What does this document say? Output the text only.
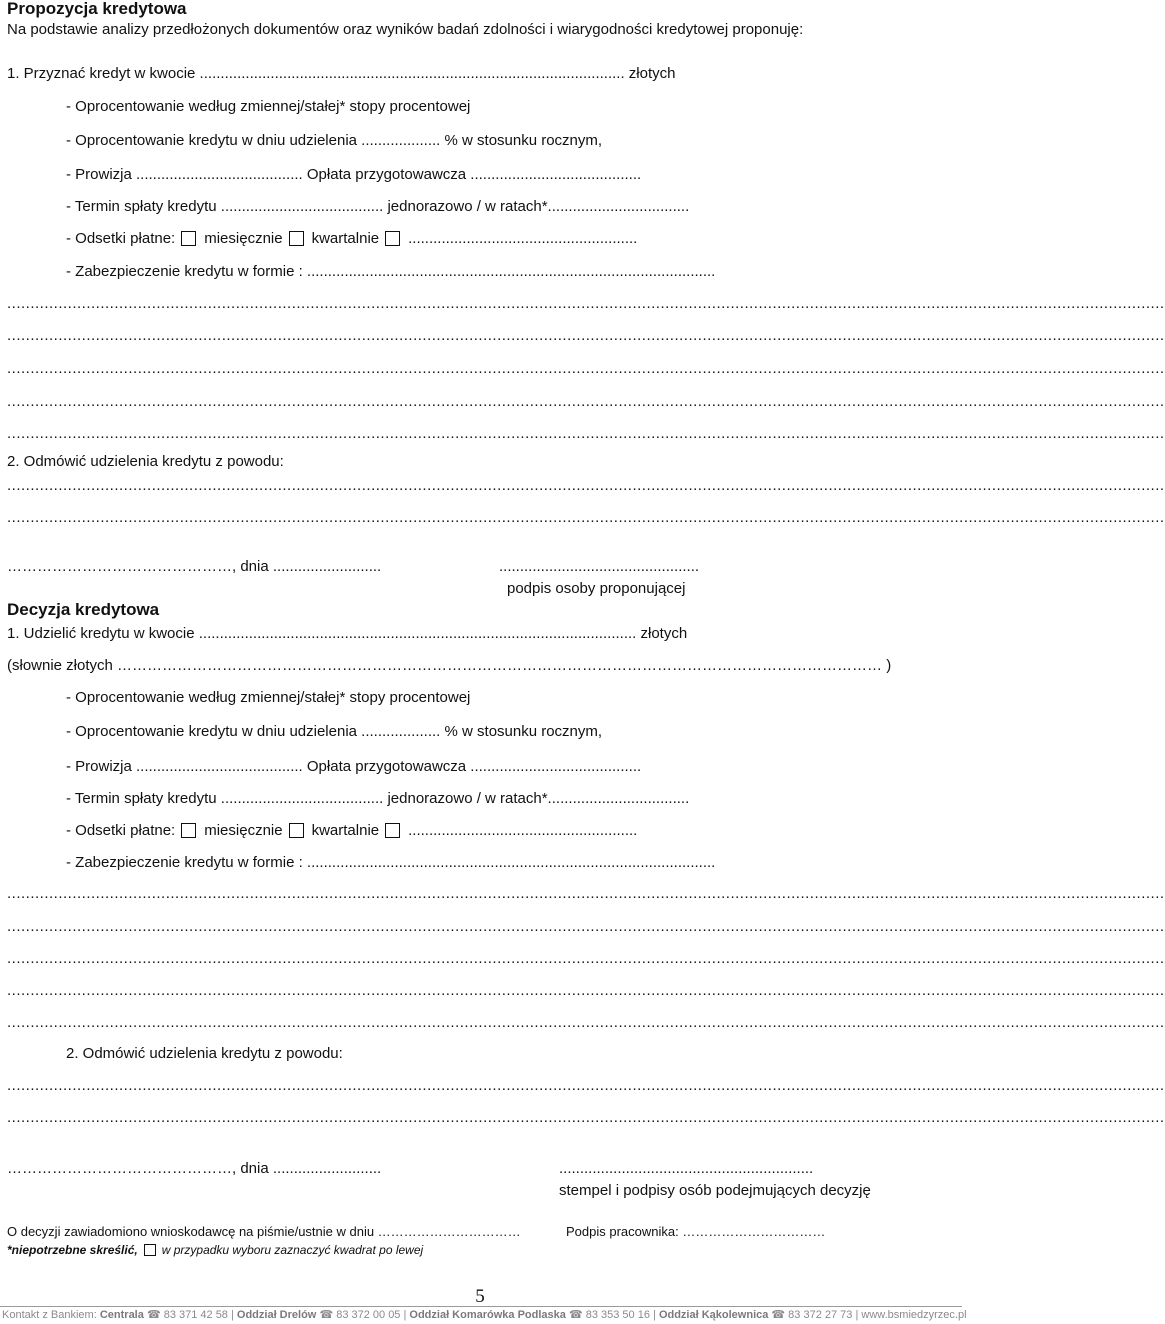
Propozycja kredytowa
Na podstawie analizy przedłożonych dokumentów oraz wyników badań zdolności i wiarygodności kredytowej proponuję:
1. Przyznać kredyt w kwocie ...................................................................................................... złotych
- Oprocentowanie według zmiennej/stałej* stopy procentowej
- Oprocentowanie kredytu w dniu udzielenia ................... % w stosunku rocznym,
- Prowizja ........................................ Opłata przygotowawcza .........................................
- Termin spłaty kredytu ....................................... jednorazowo / w ratach*..................................
- Odsetki płatne: miesięcznie kwartalnie .......................................................
- Zabezpieczenie kredytu w formie : ..................................................................................................
........................................................................................................................................................................................................................................................
........................................................................................................................................................................................................................................................
........................................................................................................................................................................................................................................................
........................................................................................................................................................................................................................................................
........................................................................................................................................................................................................................................................
2. Odmówić udzielenia kredytu z powodu:
........................................................................................................................................................................................................................................................
........................................................................................................................................................................................................................................................
………………………………………, dnia ..........................	................................................
podpis osoby proponującej
Decyzja kredytowa
1. Udzielić kredytu w kwocie ......................................................................................................... złotych
(słownie złotych ……………………………………………………………………………………………………………………………………… )
- Oprocentowanie według zmiennej/stałej* stopy procentowej
- Oprocentowanie kredytu w dniu udzielenia ................... % w stosunku rocznym,
- Prowizja ........................................ Opłata przygotowawcza .........................................
- Termin spłaty kredytu ....................................... jednorazowo / w ratach*..................................
- Odsetki płatne: miesięcznie kwartalnie .......................................................
- Zabezpieczenie kredytu w formie : ..................................................................................................
........................................................................................................................................................................................................................................................
........................................................................................................................................................................................................................................................
........................................................................................................................................................................................................................................................
........................................................................................................................................................................................................................................................
........................................................................................................................................................................................................................................................
2. Odmówić udzielenia kredytu z powodu:
........................................................................................................................................................................................................................................................
........................................................................................................................................................................................................................................................
………………………………………, dnia ..........................	.............................................................
stempel i podpisy osób podejmujących decyzję
O decyzji zawiadomiono wnioskodawcę na piśmie/ustnie w dniu ……………………………	Podpis pracownika: ……………………………
*niepotrzebne skreślić, w przypadku wyboru zaznaczyć kwadrat po lewej
5
Kontakt z Bankiem: Centrala ☎ 83 371 42 58 | Oddział Drelów ☎ 83 372 00 05 | Oddział Komarówka Podlaska ☎ 83 353 50 16 | Oddział Kąkolewnica ☎ 83 372 27 73 | www.bsmiedzyrzec.pl
